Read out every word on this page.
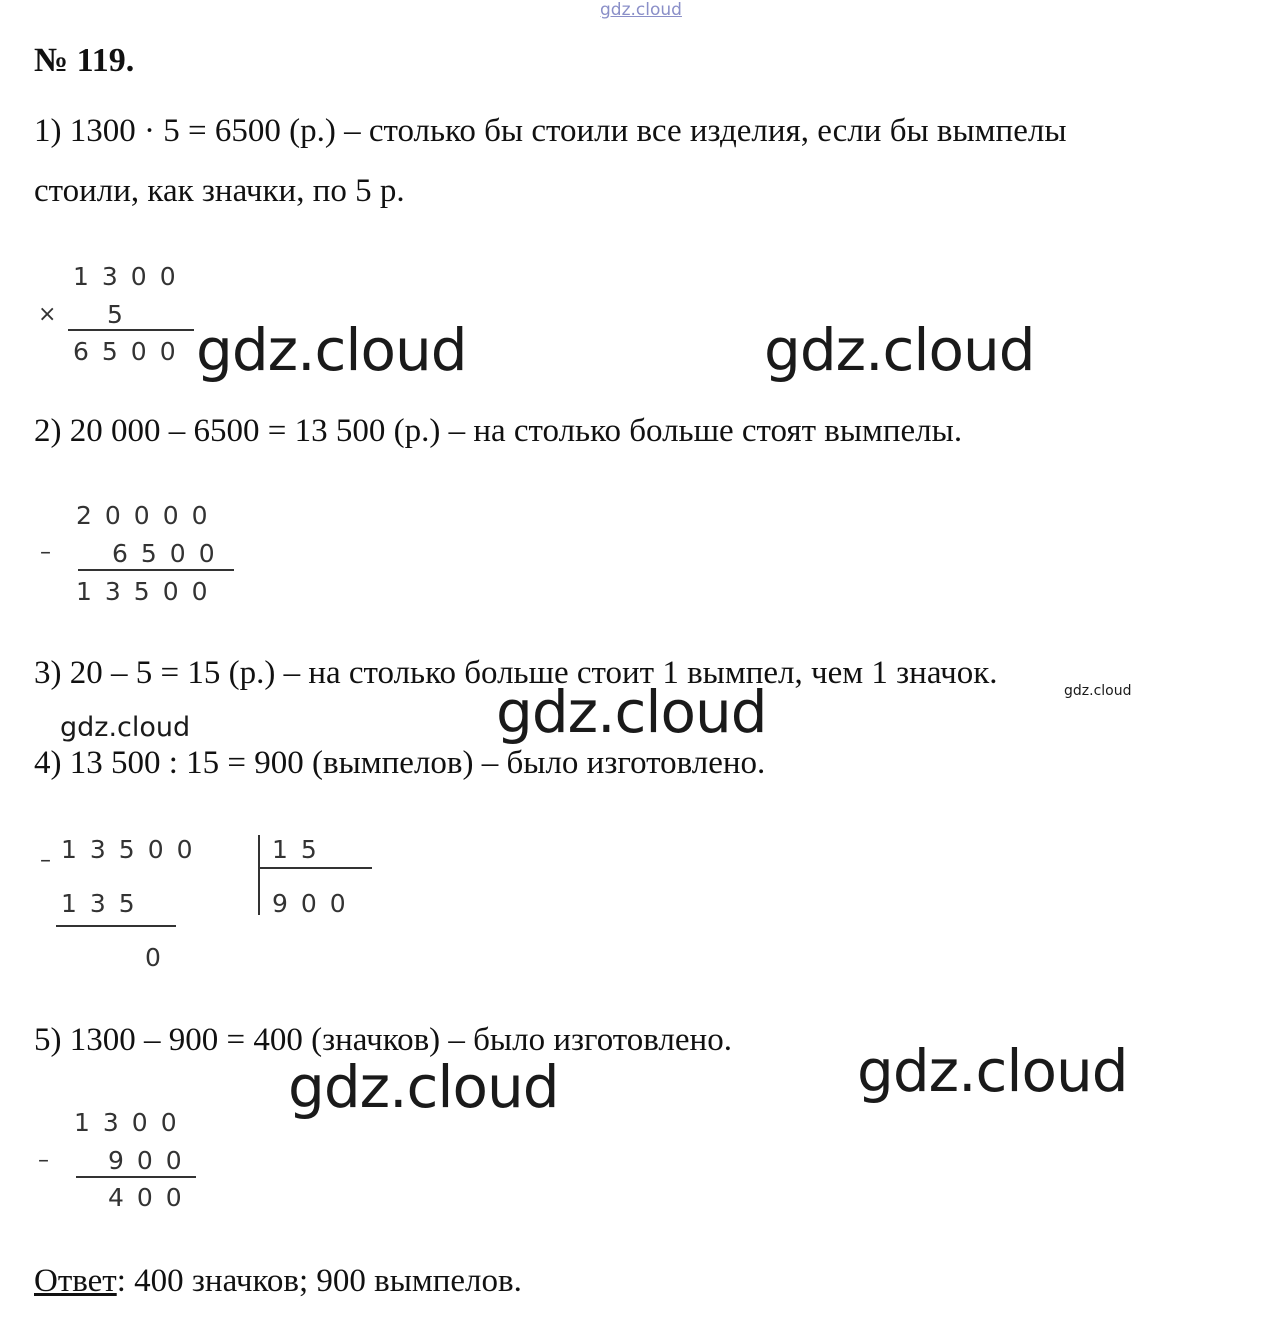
gdz.cloud
№ 119.
1) 1300 · 5 = 6500 (р.) – столько бы стоили все изделия, если бы вымпелы
стоили, как значки, по 5 р.
1300
× 5
6500 gdz.cloud	gdz.cloud
2) 20 000 – 6500 = 13 500 (р.) – на столько больше стоят вымпелы.
20000
– 6500
13500
3) 20 – 5 = 15 (р.) – на столько больше стоит 1 вымпел, чем 1 значок.	gdz.cloud
gdz.cloud	gdz.cloud
4) 13 500 : 15 = 900 (вымпелов) – было изготовлено.
– 13500	15
135	900
0
5) 1300 – 900 = 400 (значков) – было изготовлено.
gdz.cloud	gdz.cloud
1300
– 900
400
Ответ: 400 значков; 900 вымпелов.
